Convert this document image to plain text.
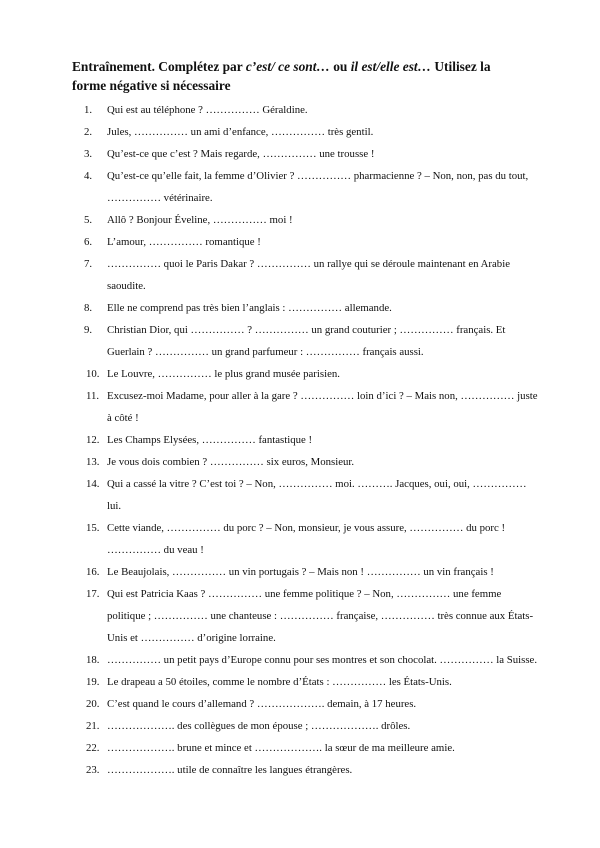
Entraînement. Complétez par c’est/ ce sont… ou il est/elle est… Utilisez la
forme négative si nécessaire
1.	Qui est au téléphone ? …………… Géraldine.
2.	Jules, …………… un ami d’enfance, …………… très gentil.
3.	Qu’est-ce que c’est ? Mais regarde, …………… une trousse !
4.	Qu’est-ce qu’elle fait, la femme d’Olivier ? …………… pharmacienne ? – Non, non, pas du tout, …………… vétérinaire.
5.	Allô ? Bonjour Éveline, …………… moi !
6.	L’amour, …………… romantique !
7.	…………… quoi le Paris Dakar ? …………… un rallye qui se déroule maintenant en Arabie saoudite.
8.	Elle ne comprend pas très bien l’anglais : …………… allemande.
9.	Christian Dior, qui …………… ? …………… un grand couturier ; …………… français. Et Guerlain ? …………… un grand parfumeur : …………… français aussi.
10. Le Louvre, …………… le plus grand musée parisien.
11. Excusez-moi Madame, pour aller à la gare ? …………… loin d’ici ? – Mais non, …………… juste à côté !
12. Les Champs Elysées, …………… fantastique !
13. Je vous dois combien ? …………… six euros, Monsieur.
14. Qui a cassé la vitre ? C’est toi ? – Non, …………… moi. ………. Jacques, oui, oui, …………… lui.
15. Cette viande, …………… du porc ? – Non, monsieur, je vous assure, …………… du porc ! …………… du veau !
16. Le Beaujolais, …………… un vin portugais ? – Mais non ! …………… un vin français !
17. Qui est Patricia Kaas ? …………… une femme politique ? – Non, …………… une femme politique ; …………… une chanteuse : …………… française, …………… très connue aux États-Unis et …………… d’origine lorraine.
18. …………… un petit pays d’Europe connu pour ses montres et son chocolat. …………… la Suisse.
19. Le drapeau a 50 étoiles, comme le nombre d’États : …………… les États-Unis.
20. C’est quand le cours d’allemand ? ………………. demain, à 17 heures.
21. ………………. des collègues de mon épouse ; ………………. drôles.
22. ………………. brune et mince et ………………. la sœur de ma meilleure amie.
23. ………………. utile de connaître les langues étrangères.
